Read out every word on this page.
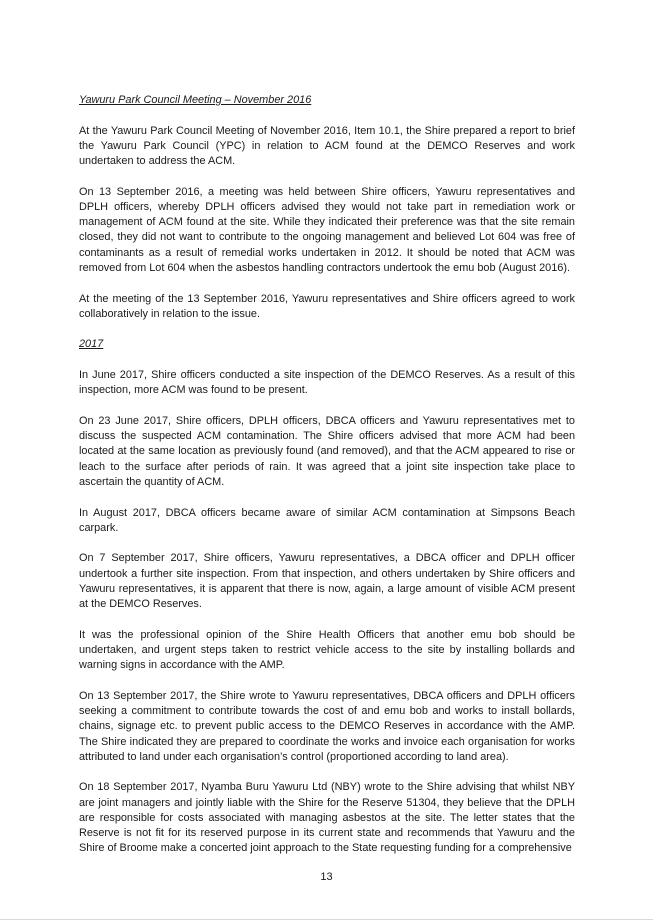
Yawuru Park Council Meeting – November 2016

At the Yawuru Park Council Meeting of November 2016, Item 10.1, the Shire prepared a report to brief the Yawuru Park Council (YPC) in relation to ACM found at the DEMCO Reserves and work undertaken to address the ACM.

On 13 September 2016, a meeting was held between Shire officers, Yawuru representatives and DPLH officers, whereby DPLH officers advised they would not take part in remediation work or management of ACM found at the site. While they indicated their preference was that the site remain closed, they did not want to contribute to the ongoing management and believed Lot 604 was free of contaminants as a result of remedial works undertaken in 2012. It should be noted that ACM was removed from Lot 604 when the asbestos handling contractors undertook the emu bob (August 2016).

At the meeting of the 13 September 2016, Yawuru representatives and Shire officers agreed to work collaboratively in relation to the issue.

2017

In June 2017, Shire officers conducted a site inspection of the DEMCO Reserves. As a result of this inspection, more ACM was found to be present.

On 23 June 2017, Shire officers, DPLH officers, DBCA officers and Yawuru representatives met to discuss the suspected ACM contamination. The Shire officers advised that more ACM had been located at the same location as previously found (and removed), and that the ACM appeared to rise or leach to the surface after periods of rain. It was agreed that a joint site inspection take place to ascertain the quantity of ACM.

In August 2017, DBCA officers became aware of similar ACM contamination at Simpsons Beach carpark.

On 7 September 2017, Shire officers, Yawuru representatives, a DBCA officer and DPLH officer undertook a further site inspection. From that inspection, and others undertaken by Shire officers and Yawuru representatives, it is apparent that there is now, again, a large amount of visible ACM present at the DEMCO Reserves.

It was the professional opinion of the Shire Health Officers that another emu bob should be undertaken, and urgent steps taken to restrict vehicle access to the site by installing bollards and warning signs in accordance with the AMP.

On 13 September 2017, the Shire wrote to Yawuru representatives, DBCA officers and DPLH officers seeking a commitment to contribute towards the cost of and emu bob and works to install bollards, chains, signage etc. to prevent public access to the DEMCO Reserves in accordance with the AMP. The Shire indicated they are prepared to coordinate the works and invoice each organisation for works attributed to land under each organisation’s control (proportioned according to land area).

On 18 September 2017, Nyamba Buru Yawuru Ltd (NBY) wrote to the Shire advising that whilst NBY are joint managers and jointly liable with the Shire for the Reserve 51304, they believe that the DPLH are responsible for costs associated with managing asbestos at the site. The letter states that the Reserve is not fit for its reserved purpose in its current state and recommends that Yawuru and the Shire of Broome make a concerted joint approach to the State requesting funding for a comprehensive

13
